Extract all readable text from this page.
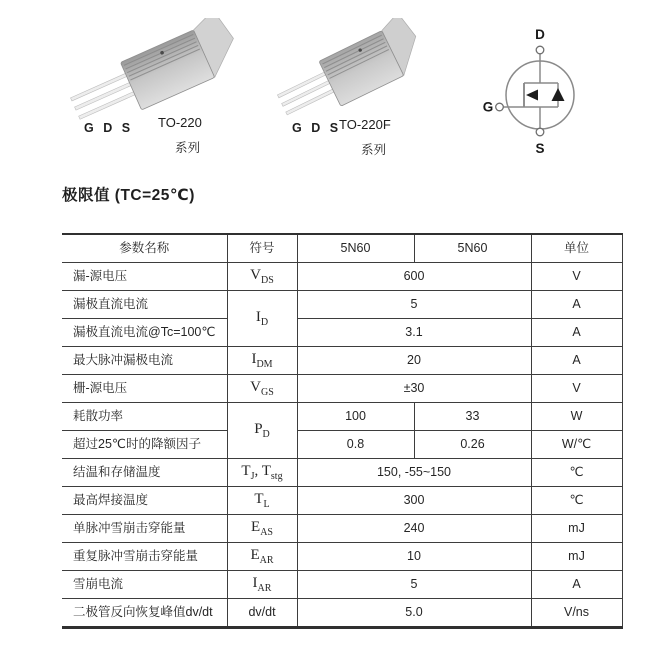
G D S TO-220
系列
G D S
TO-220F
系列
D
G
S
极限值 (TC=25℃)
参数名称	符号	5N60	5N60	单位
漏-源电压	$V_{DS}$	600		V
漏极直流电流	$I_D$	5		A
漏极直流电流@Tc=100℃		3.1		A
最大脉冲漏极电流	$I_{DM}$	20		A
栅-源电压	$V_{GS}$	±30		V
耗散功率	$P_D$	100	33	W
超过25℃时的降额因子		0.8	0.26	W/℃
结温和存储温度	$T_J$, $T_{stg}$	150, -55~150		℃
最高焊接温度	$T_L$	300		℃
单脉冲雪崩击穿能量	$E_{AS}$	240		mJ
重复脉冲雪崩击穿能量	$E_{AR}$	10		mJ
雪崩电流	$I_{AR}$	5		A
二极管反向恢复峰值dv/dt	dv/dt	5.0		V/ns
